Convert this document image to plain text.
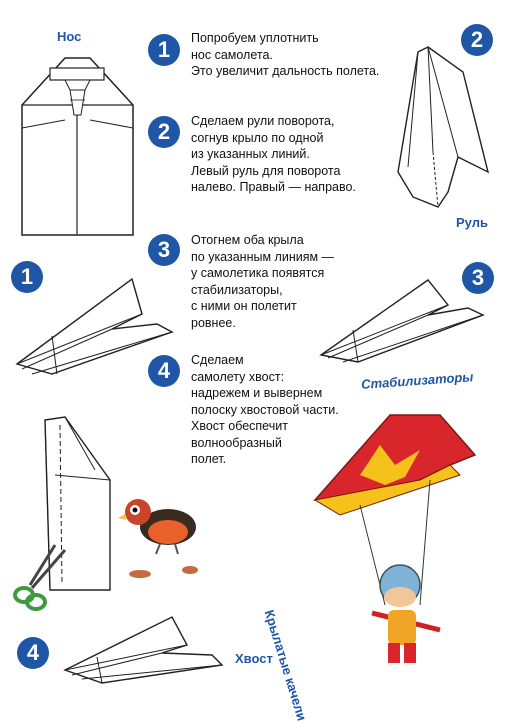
Нос
1	Попробуем уплотнить
нос самолета.
Это увеличит дальность полета.
2	Сделаем рули поворота,
согнув крыло по одной
из указанных линий.
Левый руль для поворота
налево. Правый — направо.
3	Отогнем оба крыла
по указанным линиям —
у самолетика появятся
стабилизаторы,
с ними он полетит
ровнее.
4	Сделаем
самолету хвост:
надрежем и вывернем
полоску хвостовой части.
Хвост обеспечит
волнообразный
полет.
2
Руль
1	3
Стабилизаторы
Крылатые качели
4	Хвост
